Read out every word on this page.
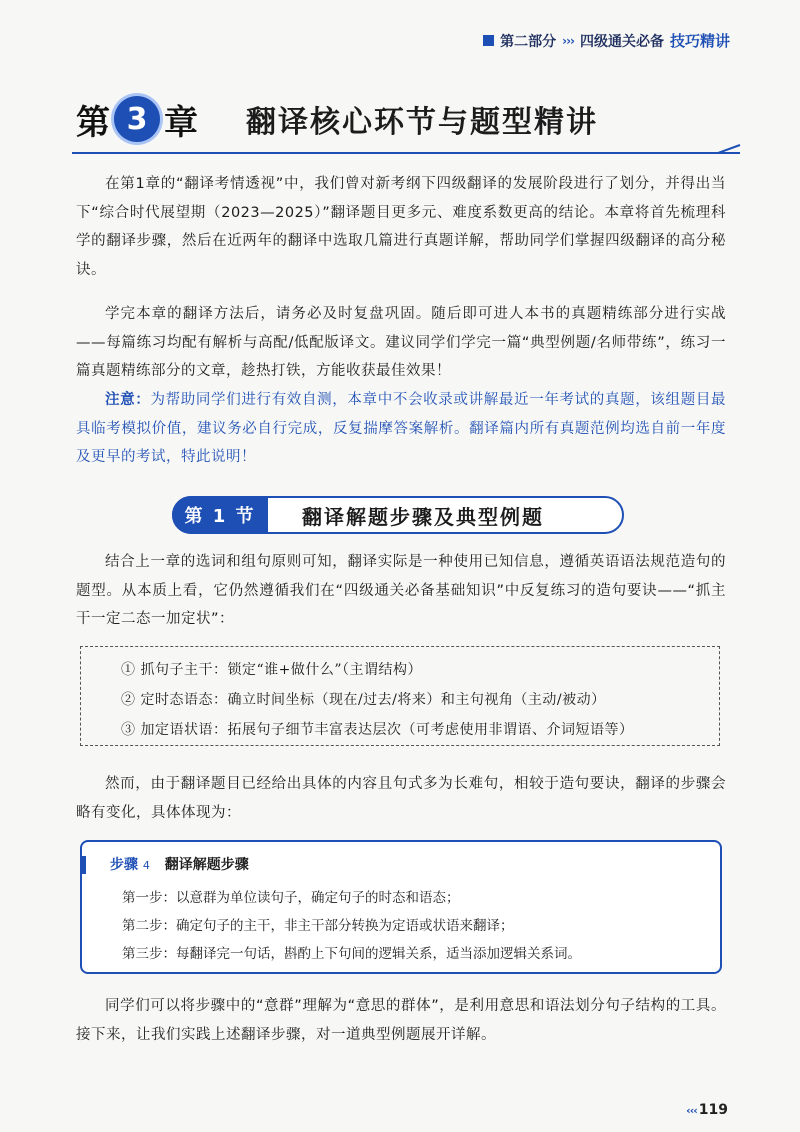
第二部分 ››› 四级通关必备 技巧精讲
第 3 章 翻译核心环节与题型精讲

在第1章的“翻译考情透视”中，我们曾对新考纲下四级翻译的发展阶段进行了划分，并得出当下“综合时代展望期（2023—2025）”翻译题目更多元、难度系数更高的结论。本章将首先梳理科学的翻译步骤，然后在近两年的翻译中选取几篇进行真题详解，帮助同学们掌握四级翻译的高分秘诀。

学完本章的翻译方法后，请务必及时复盘巩固。随后即可进人本书的真题精练部分进行实战——每篇练习均配有解析与高配/低配版译文。建议同学们学完一篇“典型例题/名师带练”，练习一篇真题精练部分的文章，趁热打铁，方能收获最佳效果！

注意：为帮助同学们进行有效自测，本章中不会收录或讲解最近一年考试的真题，该组题目最具临考模拟价值，建议务必自行完成，反复揣摩答案解析。翻译篇内所有真题范例均选自前一年度及更早的考试，特此说明！

第 1 节	翻译解题步骤及典型例题

结合上一章的选词和组句原则可知，翻译实际是一种使用已知信息，遵循英语语法规范造句的题型。从本质上看，它仍然遵循我们在“四级通关必备基础知识”中反复练习的造句要诀——“抓主干一定二态一加定状”：

① 抓句子主干：锁定“谁+做什么”（主谓结构）
② 定时态语态：确立时间坐标（现在/过去/将来）和主句视角（主动/被动）
③ 加定语状语：拓展句子细节丰富表达层次（可考虑使用非谓语、介词短语等）

然而，由于翻译题目已经给出具体的内容且句式多为长难句，相较于造句要诀，翻译的步骤会略有变化，具体体现为：

步骤 4 翻译解题步骤
第一步：以意群为单位读句子，确定句子的时态和语态；
第二步：确定句子的主干，非主干部分转换为定语或状语来翻译；
第三步：每翻译完一句话，斟酌上下句间的逻辑关系，适当添加逻辑关系词。

同学们可以将步骤中的“意群”理解为“意思的群体”，是利用意思和语法划分句子结构的工具。接下来，让我们实践上述翻译步骤，对一道典型例题展开详解。

‹‹‹ 119
